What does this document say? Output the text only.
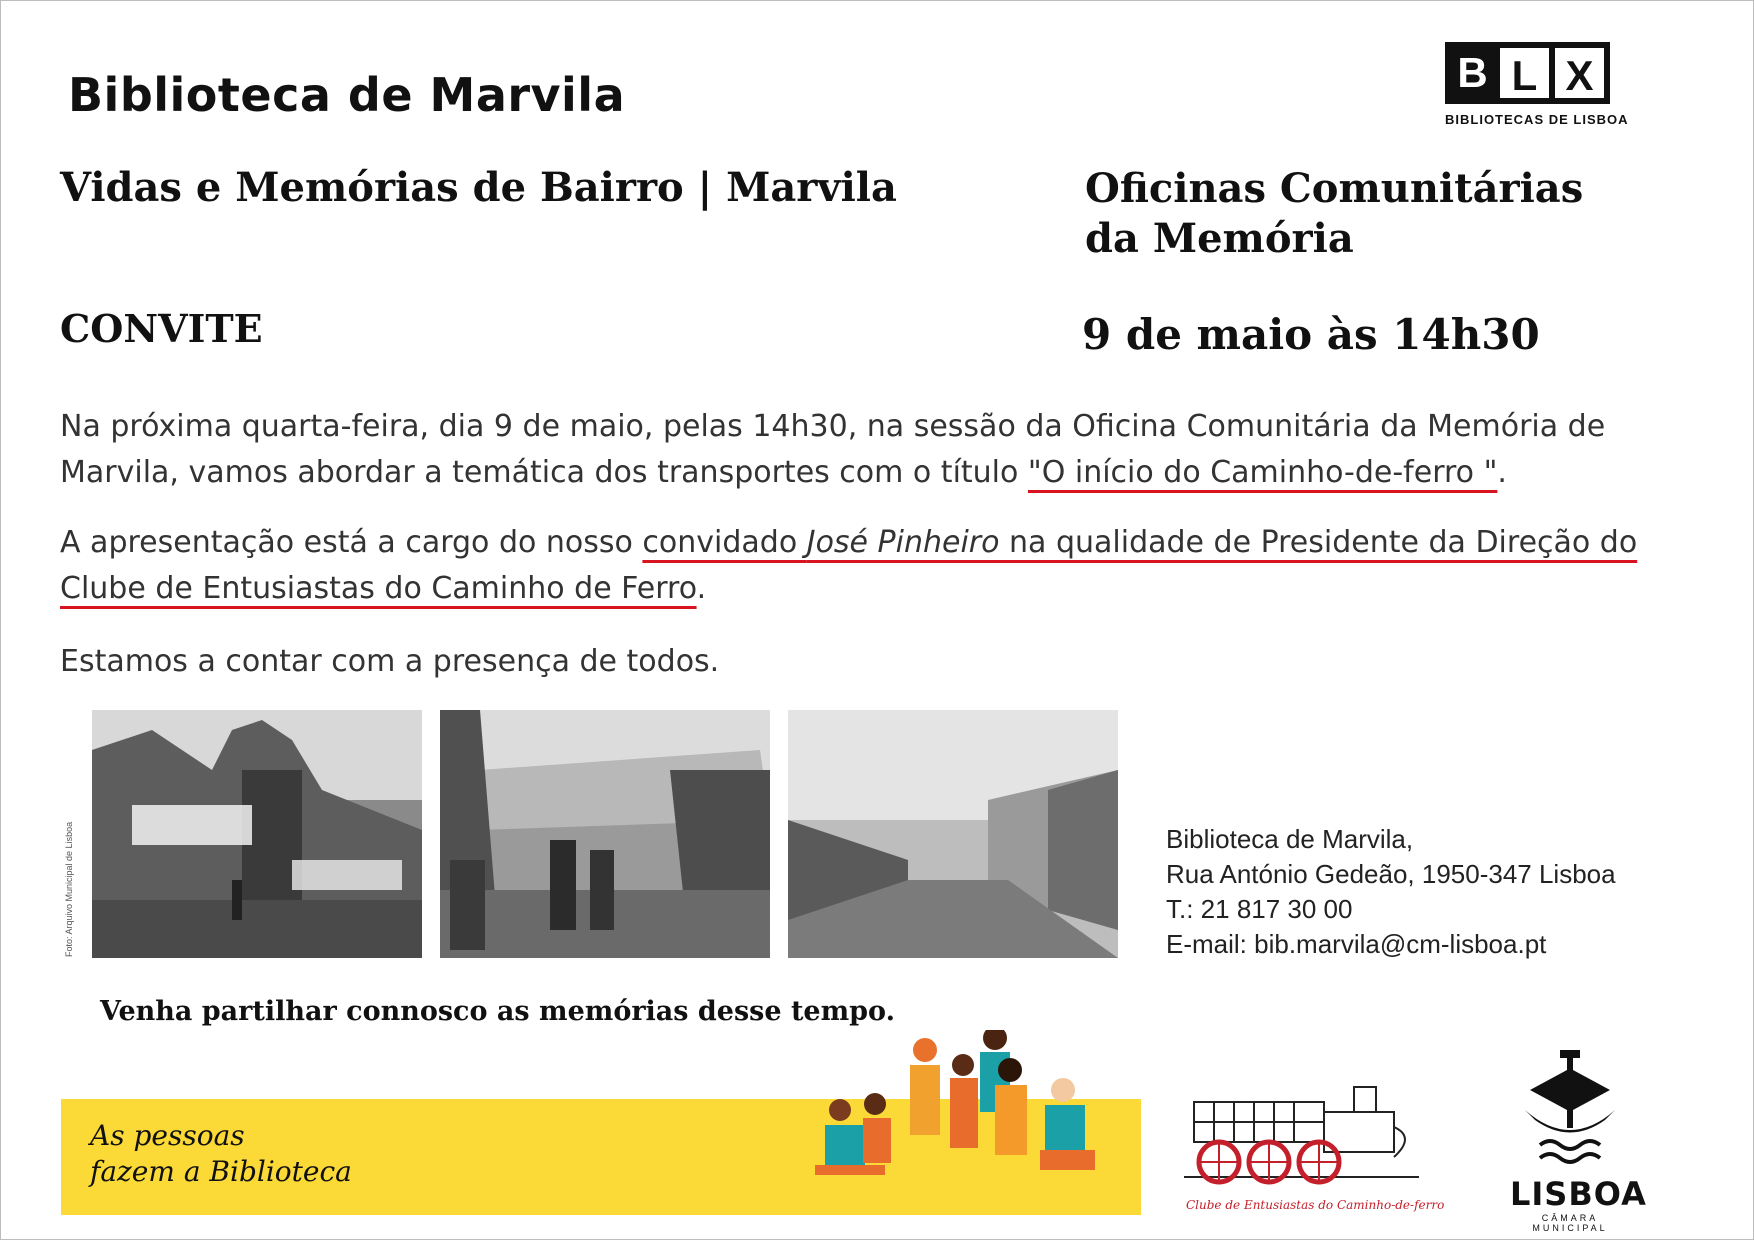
Biblioteca de Marvila	B L X
BIBLIOTECAS DE LISBOA
Vidas e Memórias de Bairro | Marvila	Oficinas Comunitárias
da Memória
CONVITE	9 de maio às 14h30
Na próxima quarta-feira, dia 9 de maio, pelas 14h30, na sessão da Oficina Comunitária da Memória de Marvila, vamos abordar a temática dos transportes com o título "O início do Caminho-de-ferro ".
A apresentação está a cargo do nosso convidado José Pinheiro na qualidade de Presidente da Direção do Clube de Entusiastas do Caminho de Ferro.
Estamos a contar com a presença de todos.
Foto: Arquivo Municipal de Lisboa	Biblioteca de Marvila,
Rua António Gedeão, 1950-347 Lisboa
T.: 21 817 30 00
E-mail: bib.marvila@cm-lisboa.pt
Venha partilhar connosco as memórias desse tempo.
As pessoas
fazem a Biblioteca
Clube de Entusiastas do Caminho-de-ferro LISBOA
CÂMARA MUNICIPAL
